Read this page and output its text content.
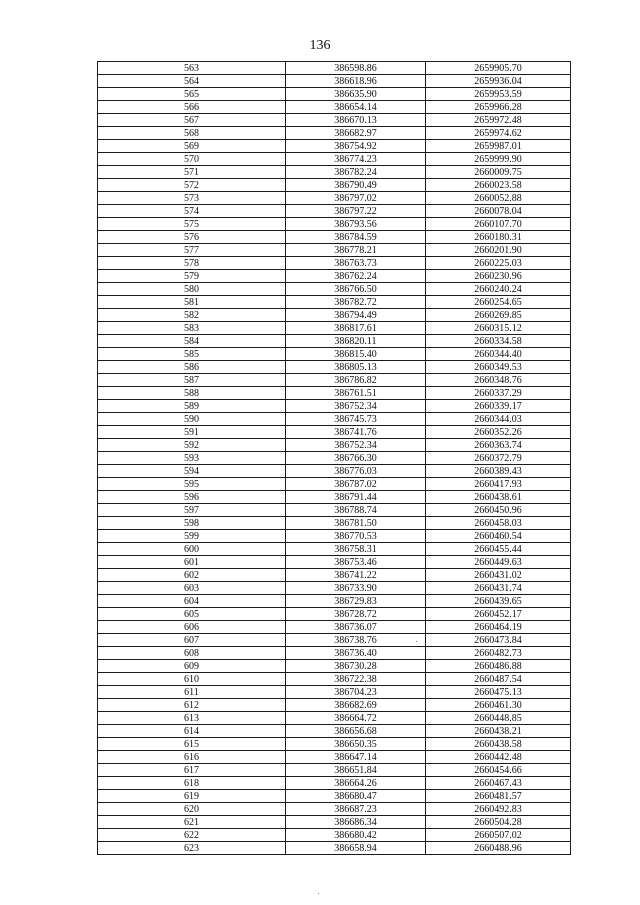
136
563	386598.86	2659905.70
564	386618.96	2659936.04
565	386635.90	2659953.59
566	386654.14	2659966.28
567	386670.13	2659972.48
568	386682.97	2659974.62
569	386754.92	2659987.01
570	386774.23	2659999.90
571	386782.24	2660009.75
572	386790.49	2660023.58
573	386797.02	2660052.88
574	386797.22	2660078.04
575	386793.56	2660107.70
576	386784.59	2660180.31
577	386778.21	2660201.90
578	386763.73	2660225.03
579	386762.24	2660230.96
580	386766.50	2660240.24
581	386782.72	2660254.65
582	386794.49	2660269.85
583	386817.61	2660315.12
584	386820.11	2660334.58
585	386815.40	2660344.40
586	386805.13	2660349.53
587	386786.82	2660348.76
588	386761.51	2660337.29
589	386752.34	2660339.17
590	386745.73	2660344.03
591	386741.76	2660352.26
592	386752.34	2660363.74
593	386766.30	2660372.79
594	386776.03	2660389.43
595	386787.02	2660417.93
596	386791.44	2660438.61
597	386788.74	2660450.96
598	386781.50	2660458.03
599	386770.53	2660460.54
600	386758.31	2660455.44
601	386753.46	2660449.63
602	386741.22	2660431.02
603	386733.90	2660431.74
604	386729.83	2660439.65
605	386728.72	2660452.17
606	386736.07	2660464.19
607	386738.76	2660473.84
608	386736.40	2660482.73
609	386730.28	2660486.88
610	386722.38	2660487.54
611	386704.23	2660475.13
612	386682.69	2660461.30
613	386664.72	2660448.85
614	386656.68	2660438.21
615	386650.35	2660438.58
616	386647.14	2660442.48
617	386651.84	2660454.66
618	386664.26	2660467.43
619	386680.47	2660481.57
620	386687.23	2660492.83
621	386686.34	2660504.28
622	386680.42	2660507.02
623	386658.94	2660488.96
